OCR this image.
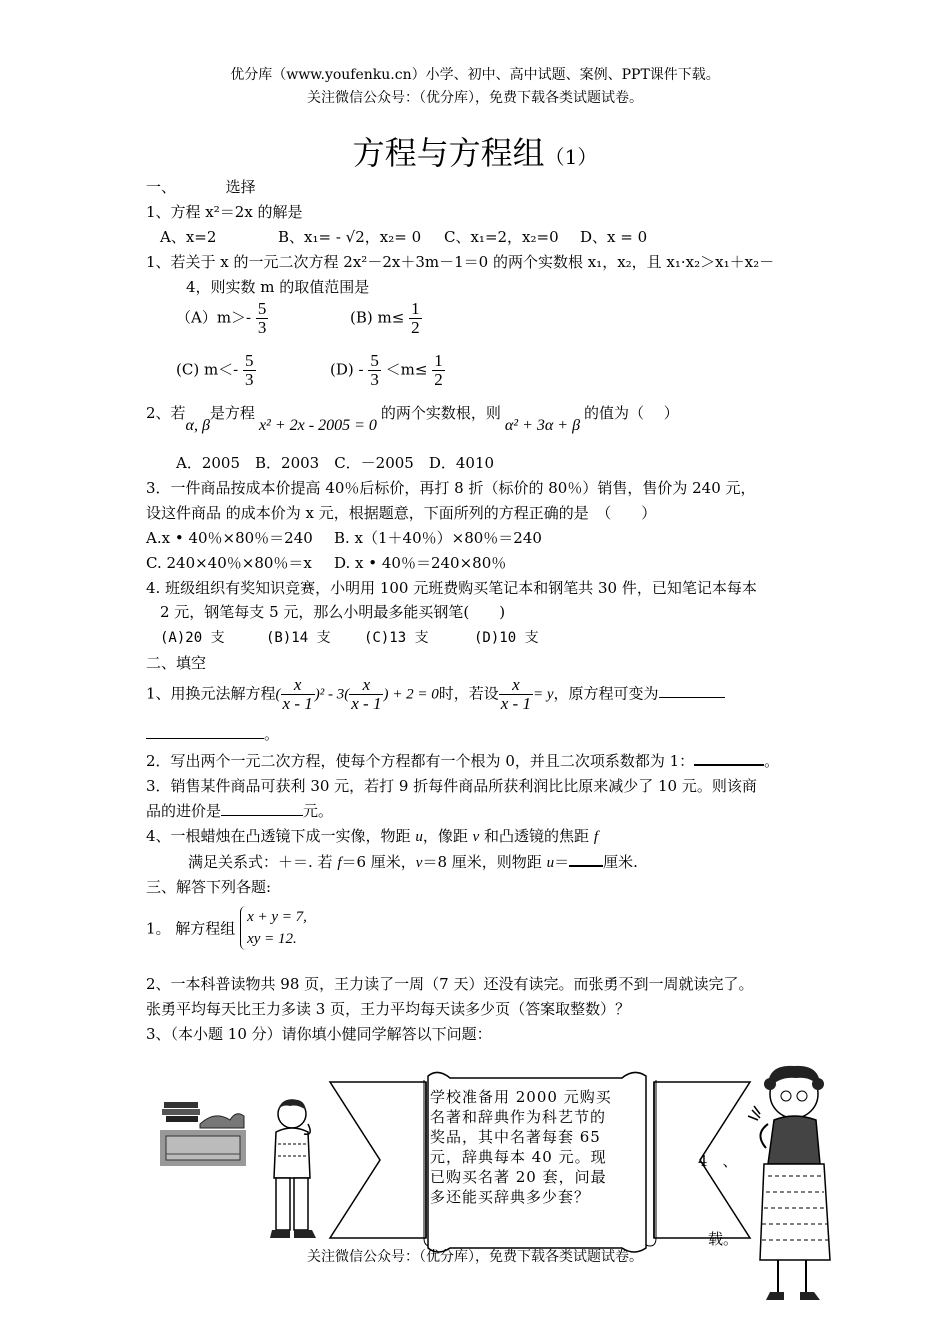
优分库（www.youfenku.cn）小学、初中、高中试题、案例、PPT课件下载。
关注微信公众号：（优分库），免费下载各类试题试卷。
方程与方程组（1）
一、	选择
1、方程 x²＝2x 的解是
A、x=2	B、x₁= - √2，x₂= 0 C、x₁=2，x₂=0 D、x = 0
1、若关于 x 的一元二次方程 2x²－2x＋3m－1＝0 的两个实数根 x₁，x₂，且 x₁·x₂＞x₁＋x₂－
4，则实数 m 的取值范围是
$(A)m>- \frac{5}{3}$	(B) $m\le \frac{1}{2}$
(C) $m<- \frac{5}{3}$	$(D) - \frac{5}{3} <m\le \frac{1}{2}$
2、若α, β是方程x² + 2x - 2005 = 0的两个实数根，则α² + 3α + β的值为（　 ）
A．2005　B．2003　C．－2005　D．4010
3．一件商品按成本价提高 40％后标价，再打 8 折（标价的 80％）销售，售价为 240 元，
设这件商品 的成本价为 x 元，根据题意，下面所列的方程正确的是　（　　）
A.x • 40％×80％＝240 B. x（1＋40％）×80％＝240
C. 240×40％×80％＝x D. x • 40％＝240×80％
4. 班级组织有奖知识竞赛，小明用 100 元班费购买笔记本和钢笔共 30 件，已知笔记本每本
2 元，钢笔每支 5 元，那么小明最多能买钢笔(　　)
(A)20 支	(B)14 支 (C)13 支	(D)10 支
二、填空
1、用换元法解方程( $\frac{x}{x - 1} )^2 - 3( \frac{x}{x - 1}$ ) + 2 = 0时，若设 $\frac{x}{x - 1} = y$，原方程可变为
。
2．写出两个一元二次方程，使每个方程都有一个根为 0，并且二次项系数都为 1：	。
3．销售某件商品可获利 30 元，若打 9 折每件商品所获利润比比原来减少了 10 元。则该商
品的进价是	元。
4、一根蜡烛在凸透镜下成一实像，物距 u，像距 v 和凸透镜的焦距 f
满足关系式：＋＝. 若 f＝6 厘米，v＝8 厘米，则物距 u＝ 厘米.
三、解答下列各题:
1。 解方程组
x + y = 7,
xy = 12.
2、一本科普读物共 98 页，王力读了一周（7 天）还没有读完。而张勇不到一周就读完了。
张勇平均每天比王力多读 3 页，王力平均每天读多少页（答案取整数）？
3、（本小题 10 分）请你填小健同学解答以下问题：
学校准备用 2000 元购买名著和辞典作为科艺节的奖品，其中名著每套 65 元，辞典每本 40 元。现已购买名著 20 套，问最多还能买辞典多少套？
4　、
载。
关注微信公众号：（优分库），免费下载各类试题试卷。
